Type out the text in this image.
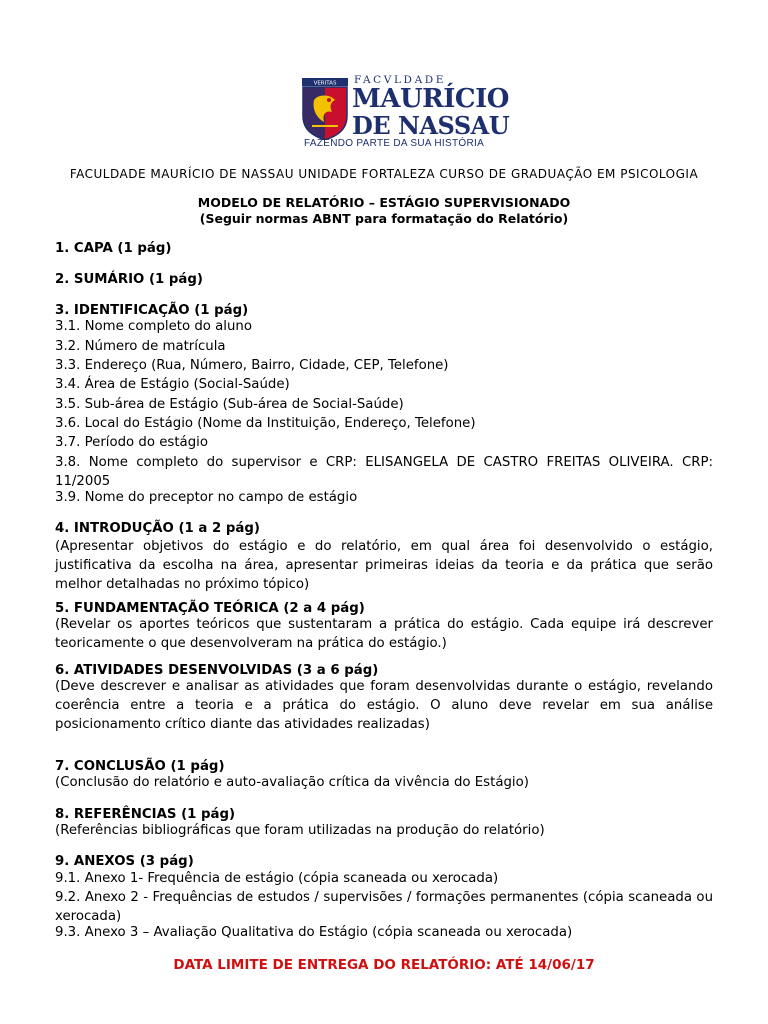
VERITAS FACVLDADE
MAURÍCIO
DE NASSAU
FAZENDO PARTE DA SUA HISTÓRIA
FACULDADE MAURÍCIO DE NASSAU UNIDADE FORTALEZA CURSO DE GRADUAÇÃO EM PSICOLOGIA
MODELO DE RELATÓRIO – ESTÁGIO SUPERVISIONADO
(Seguir normas ABNT para formatação do Relatório)
1. CAPA (1 pág)
2. SUMÁRIO (1 pág)
3. IDENTIFICAÇÃO (1 pág)
3.1. Nome completo do aluno
3.2. Número de matrícula
3.3. Endereço (Rua, Número, Bairro, Cidade, CEP, Telefone)
3.4. Área de Estágio (Social-Saúde)
3.5. Sub-área de Estágio (Sub-área de Social-Saúde)
3.6. Local do Estágio (Nome da Instituição, Endereço, Telefone)
3.7. Período do estágio
3.8. Nome completo do supervisor e CRP: ELISANGELA DE CASTRO FREITAS OLIVEIRA. CRP: 11/2005
3.9. Nome do preceptor no campo de estágio
4. INTRODUÇÃO (1 a 2 pág)
(Apresentar objetivos do estágio e do relatório, em qual área foi desenvolvido o estágio, justificativa da escolha na área, apresentar primeiras ideias da teoria e da prática que serão melhor detalhadas no próximo tópico)
5. FUNDAMENTAÇÃO TEÓRICA (2 a 4 pág)
(Revelar os aportes teóricos que sustentaram a prática do estágio. Cada equipe irá descrever teoricamente o que desenvolveram na prática do estágio.)
6. ATIVIDADES DESENVOLVIDAS (3 a 6 pág)
(Deve descrever e analisar as atividades que foram desenvolvidas durante o estágio, revelando coerência entre a teoria e a prática do estágio. O aluno deve revelar em sua análise posicionamento crítico diante das atividades realizadas)
7. CONCLUSÃO (1 pág)
(Conclusão do relatório e auto-avaliação crítica da vivência do Estágio)
8. REFERÊNCIAS (1 pág)
(Referências bibliográficas que foram utilizadas na produção do relatório)
9. ANEXOS (3 pág)
9.1. Anexo 1- Frequência de estágio (cópia scaneada ou xerocada)
9.2. Anexo 2 - Frequências de estudos / supervisões / formações permanentes (cópia scaneada ou xerocada)
9.3. Anexo 3 – Avaliação Qualitativa do Estágio (cópia scaneada ou xerocada)
DATA LIMITE DE ENTREGA DO RELATÓRIO: ATÉ 14/06/17
